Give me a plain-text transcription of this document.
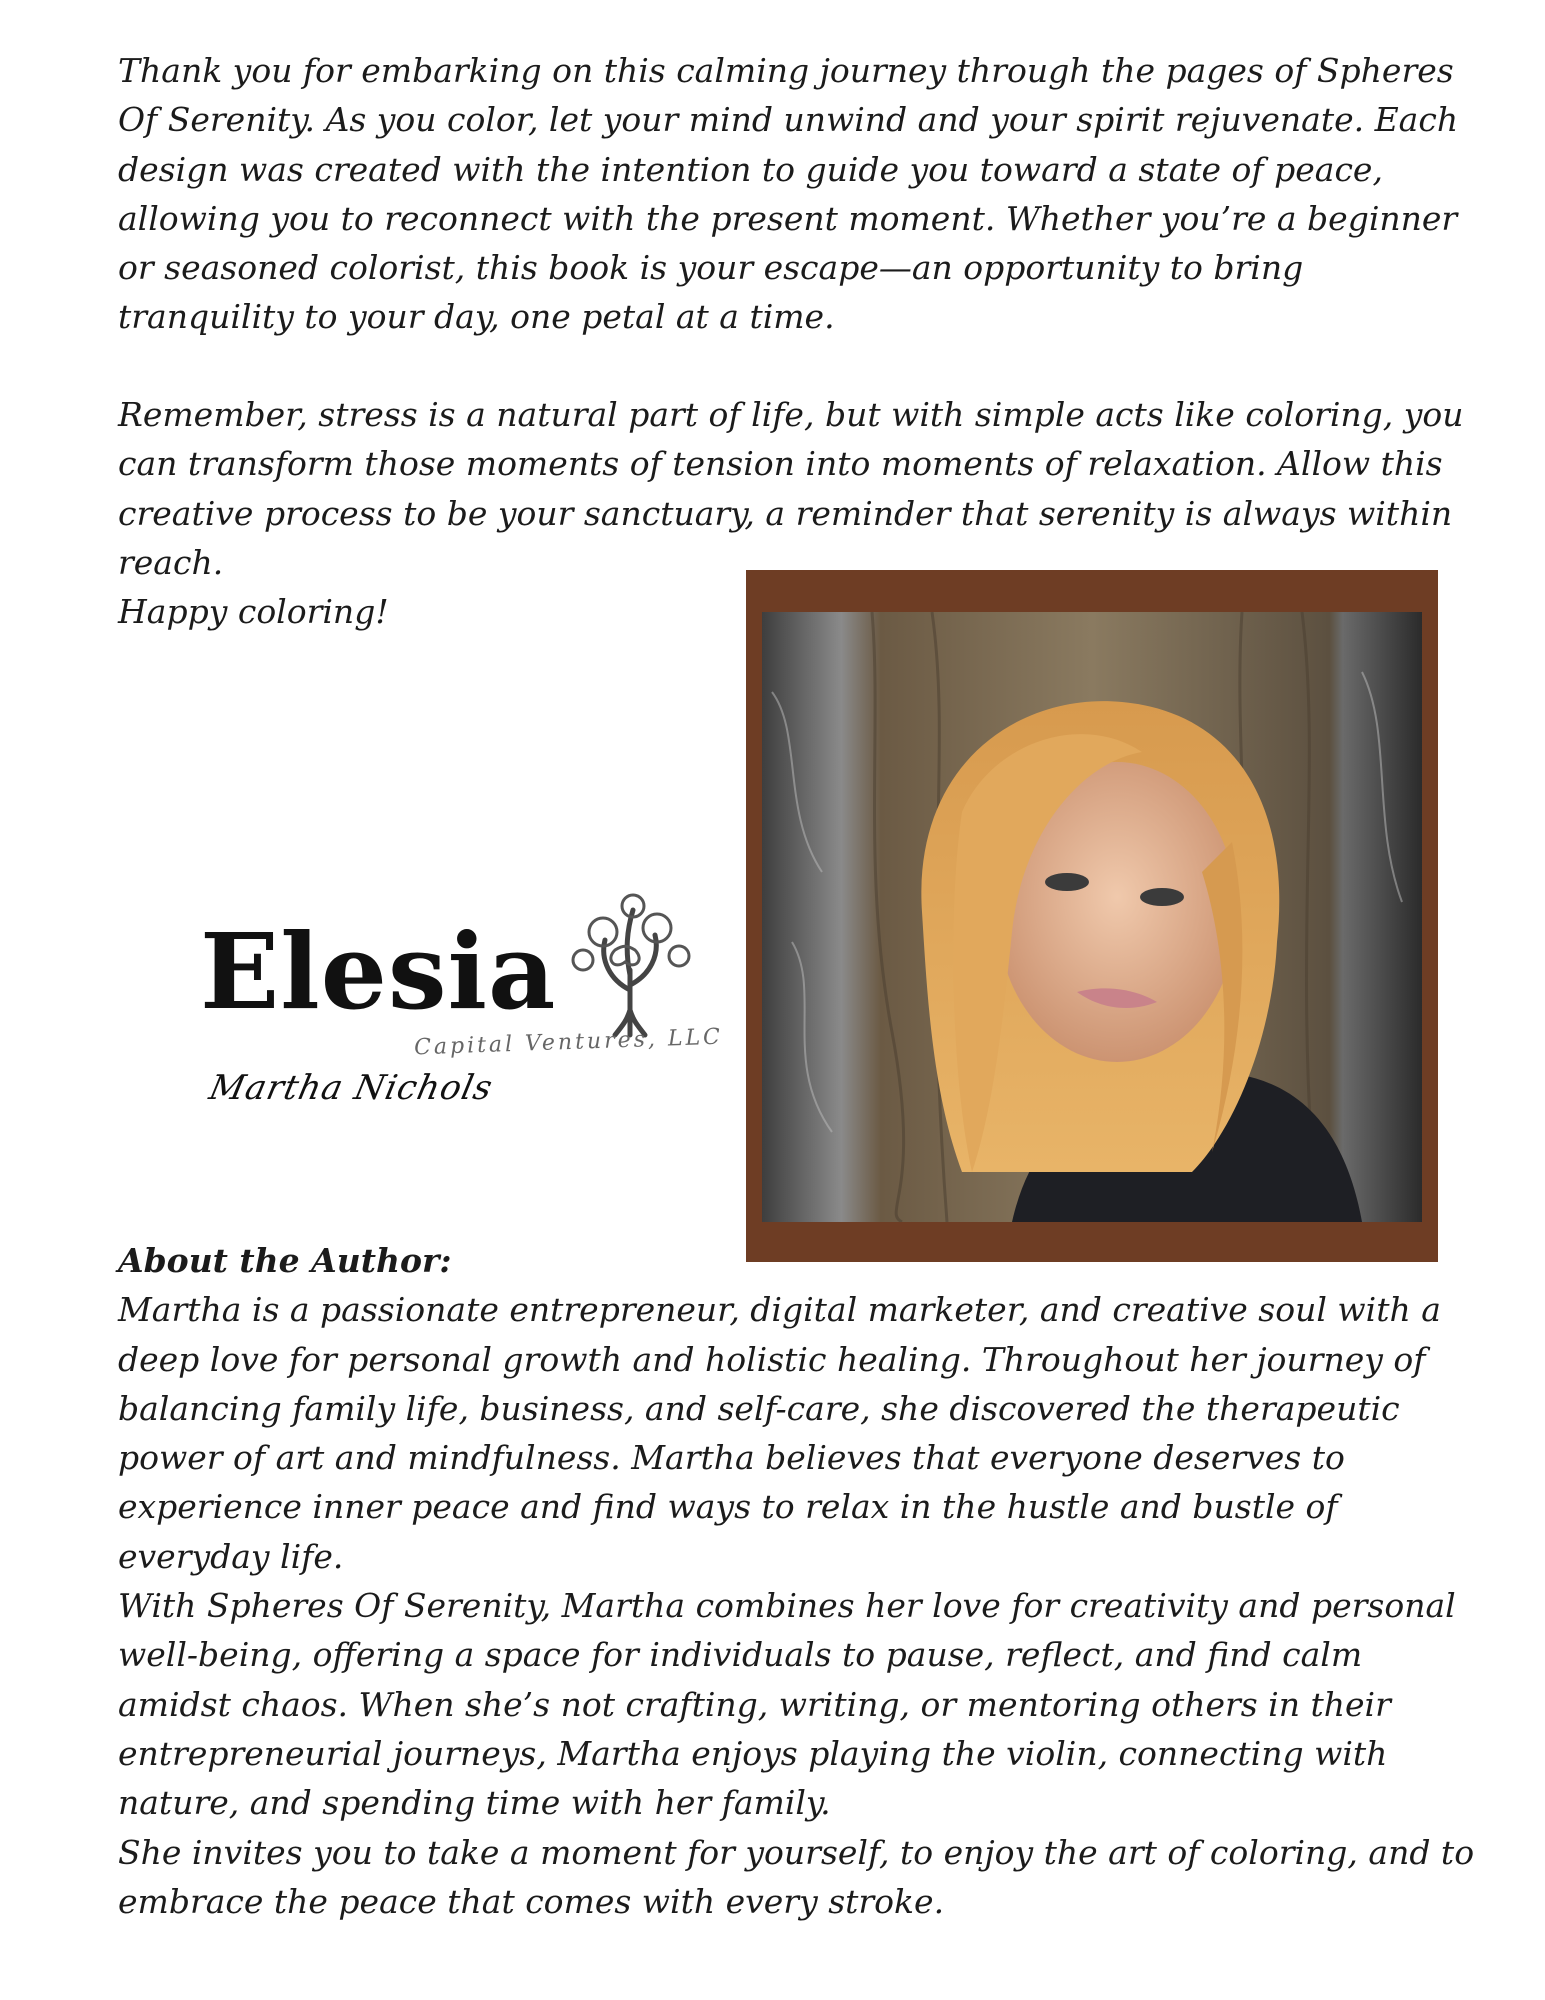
Thank you for embarking on this calming journey through the pages of Spheres
Of Serenity. As you color, let your mind unwind and your spirit rejuvenate. Each
design was created with the intention to guide you toward a state of peace,
allowing you to reconnect with the present moment. Whether you’re a beginner
or seasoned colorist, this book is your escape—an opportunity to bring
tranquility to your day, one petal at a time.

Remember, stress is a natural part of life, but with simple acts like coloring, you
can transform those moments of tension into moments of relaxation. Allow this
creative process to be your sanctuary, a reminder that serenity is always within
reach.
Happy coloring!

Elesia
Capital Ventures, LLC
Martha Nichols

About the Author:
Martha is a passionate entrepreneur, digital marketer, and creative soul with a
deep love for personal growth and holistic healing. Throughout her journey of
balancing family life, business, and self-care, she discovered the therapeutic
power of art and mindfulness. Martha believes that everyone deserves to
experience inner peace and find ways to relax in the hustle and bustle of
everyday life.
With Spheres Of Serenity, Martha combines her love for creativity and personal
well-being, offering a space for individuals to pause, reflect, and find calm
amidst chaos. When she’s not crafting, writing, or mentoring others in their
entrepreneurial journeys, Martha enjoys playing the violin, connecting with
nature, and spending time with her family.
She invites you to take a moment for yourself, to enjoy the art of coloring, and to
embrace the peace that comes with every stroke.
